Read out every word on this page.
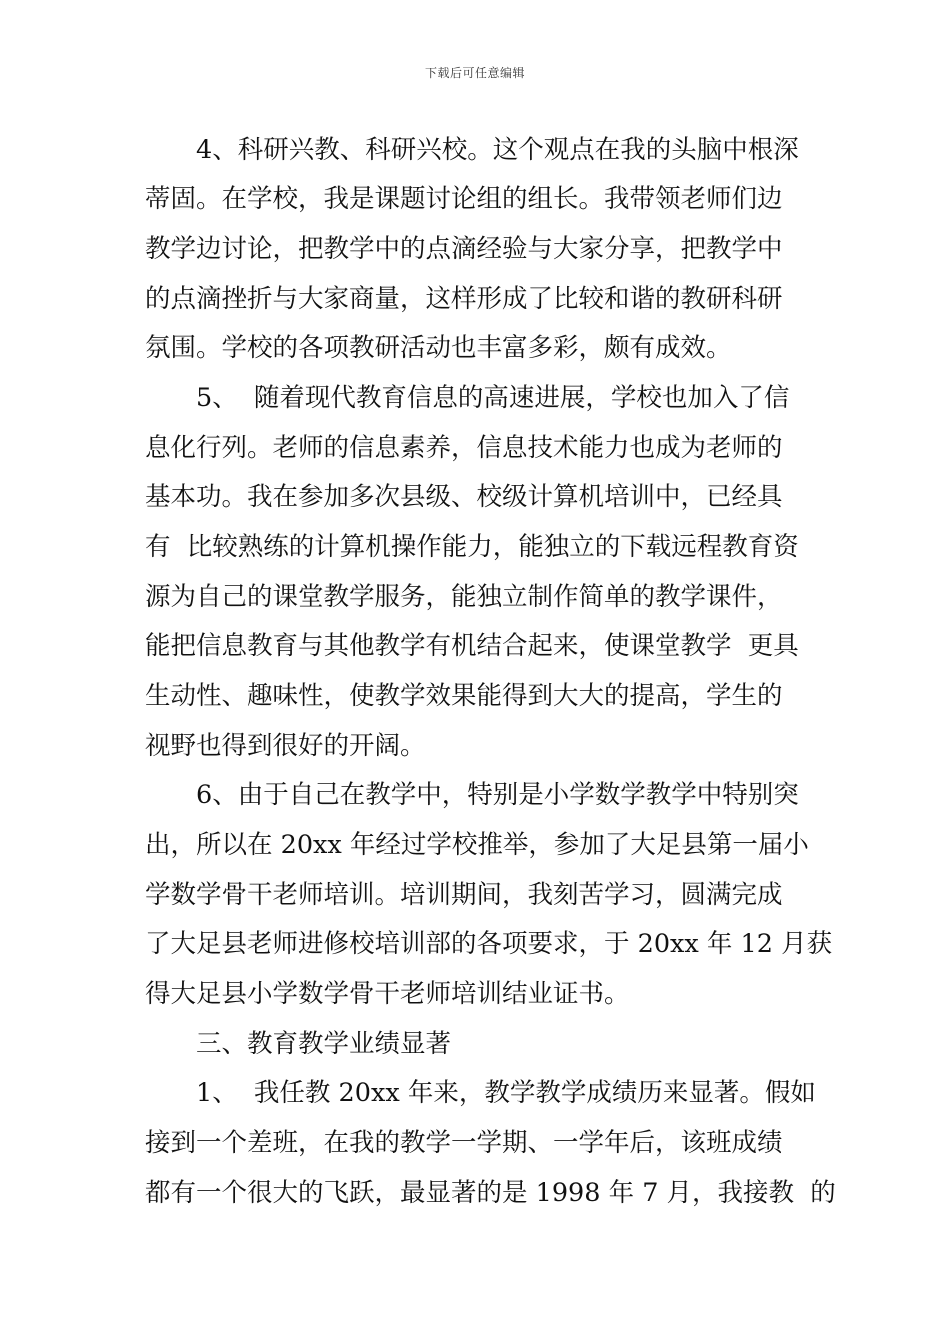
下载后可任意编辑
4、科研兴教、科研兴校。这个观点在我的头脑中根深
蒂固。在学校，我是课题讨论组的组长。我带领老师们边
教学边讨论，把教学中的点滴经验与大家分享，把教学中
的点滴挫折与大家商量，这样形成了比较和谐的教研科研
氛围。学校的各项教研活动也丰富多彩，颇有成效。
5、  随着现代教育信息的高速进展，学校也加入了信
息化行列。老师的信息素养，信息技术能力也成为老师的
基本功。我在参加多次县级、校级计算机培训中，已经具
有  比较熟练的计算机操作能力，能独立的下载远程教育资
源为自己的课堂教学服务，能独立制作简单的教学课件，
能把信息教育与其他教学有机结合起来，使课堂教学  更具
生动性、趣味性，使教学效果能得到大大的提高，学生的
视野也得到很好的开阔。
6、由于自己在教学中，特别是小学数学教学中特别突
出，所以在 20xx 年经过学校推举，参加了大足县第一届小
学数学骨干老师培训。培训期间，我刻苦学习，圆满完成
了大足县老师进修校培训部的各项要求，于 20xx 年 12 月获
得大足县小学数学骨干老师培训结业证书。
三、教育教学业绩显著
1、  我任教 20xx 年来，教学教学成绩历来显著。假如
接到一个差班，在我的教学一学期、一学年后，该班成绩
都有一个很大的飞跃，最显著的是 1998 年 7 月，我接教  的
